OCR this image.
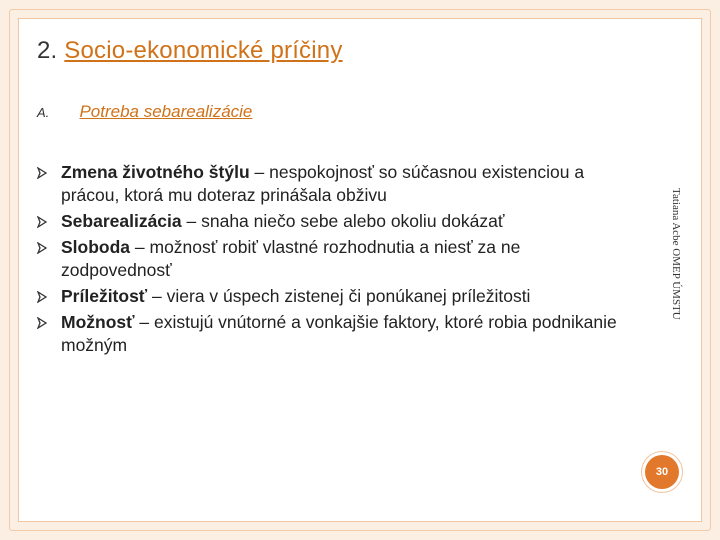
2. Socio-ekonomické príčiny
A. Potreba sebarealizácie
Zmena životného štýlu – nespokojnosť so súčasnou existenciou a prácou, ktorá mu doteraz prinášala obživu
Sebarealizácia – snaha niečo sebe alebo okoliu dokázať
Sloboda – možnosť robiť vlastné rozhodnutia a niesť za ne zodpovednosť
Príležitosť – viera v úspech zistenej či ponúkanej príležitosti
Možnosť – existujú vnútorné a vonkajšie faktory, ktoré robia podnikanie možným
Tatiana Acbe OMEP ÚMSTU
30
